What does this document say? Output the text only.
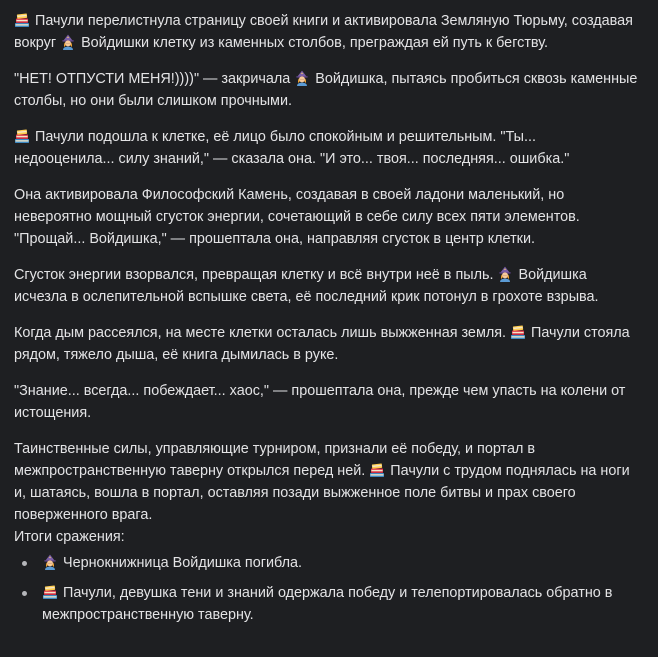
Пачули перелистнула страницу своей книги и активировала Земляную Тюрьму, создавая вокруг
Войдишки клетку из каменных столбов, преграждая ей путь к бегству.

"НЕТ! ОТПУСТИ МЕНЯ!))))" — закричала
Войдишка, пытаясь пробиться сквозь каменные столбы, но они были слишком прочными.

Пачули подошла к клетке, её лицо было спокойным и решительным. "Ты... недооценила... силу знаний," — сказала она. "И это... твоя... последняя... ошибка."

Она активировала Философский Камень, создавая в своей ладони маленький, но невероятно мощный сгусток энергии, сочетающий в себе силу всех пяти элементов. "Прощай... Войдишка," — прошептала она, направляя сгусток в центр клетки.

Сгусток энергии взорвался, превращая клетку и всё внутри неё в пыль.
Войдишка исчезла в ослепительной вспышке света, её последний крик потонул в грохоте взрыва.

Когда дым рассеялся, на месте клетки осталась лишь выжженная земля.
Пачули стояла рядом, тяжело дыша, её книга дымилась в руке.

"Знание... всегда... побеждает... хаос," — прошептала она, прежде чем упасть на колени от истощения.

Таинственные силы, управляющие турниром, признали её победу, и портал в межпространственную таверну открылся перед ней.
Пачули с трудом поднялась на ноги и, шатаясь, вошла в портал, оставляя позади выжженное поле битвы и прах своего поверженного врага.

Итоги сражения:

Чернокнижница Войдишка погибла.
Пачули, девушка тени и знаний одержала победу и телепортировалась обратно в межпространственную таверну.
